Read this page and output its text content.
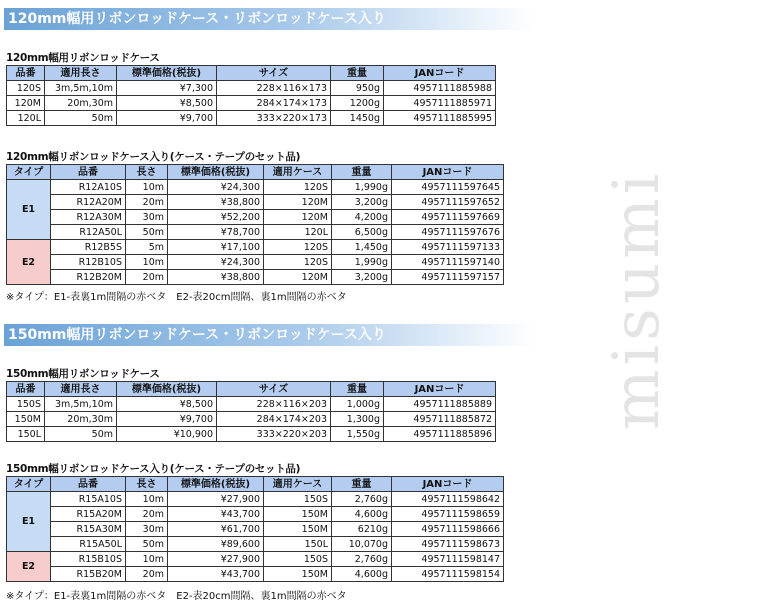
misumi
120mm幅用リボンロッドケース・リボンロッドケース入り
120mm幅用リボンロッドケース
品番	適用長さ	標準価格(税抜)	サイズ	重量	JANコード
120S	3m,5m,10m	¥7,300	228×116×173	950g	4957111885988
120M	20m,30m	¥8,500	284×174×173	1200g	4957111885971
120L	50m	¥9,700	333×220×173	1450g	4957111885995
120mm幅リボンロッドケース入り(ケース・テープのセット品)
タイプ	品番	長さ	標準価格(税抜)	適用ケース	重量	JANコード
E1	R12A10S	10m	¥24,300	120S	1,990g	4957111597645
	R12A20M	20m	¥38,800	120M	3,200g	4957111597652
	R12A30M	30m	¥52,200	120M	4,200g	4957111597669
	R12A50L	50m	¥78,700	120L	6,500g	4957111597676
E2	R12B5S	5m	¥17,100	120S	1,450g	4957111597133
	R12B10S	10m	¥24,300	120S	1,990g	4957111597140
	R12B20M	20m	¥38,800	120M	3,200g	4957111597157
※タイプ：E1-表裏1m間隔の赤ベタ　E2-表20cm間隔、裏1m間隔の赤ベタ
150mm幅用リボンロッドケース・リボンロッドケース入り
150mm幅用リボンロッドケース
品番	適用長さ	標準価格(税抜)	サイズ	重量	JANコード
150S	3m,5m,10m	¥8,500	228×116×203	1,000g	4957111885889
150M	20m,30m	¥9,700	284×174×203	1,300g	4957111885872
150L	50m	¥10,900	333×220×203	1,550g	4957111885896
150mm幅リボンロッドケース入り(ケース・テープのセット品)
タイプ	品番	長さ	標準価格(税抜)	適用ケース	重量	JANコード
E1	R15A10S	10m	¥27,900	150S	2,760g	4957111598642
	R15A20M	20m	¥43,700	150M	4,600g	4957111598659
	R15A30M	30m	¥61,700	150M	6210g	4957111598666
	R15A50L	50m	¥89,600	150L	10,070g	4957111598673
E2	R15B10S	10m	¥27,900	150S	2,760g	4957111598147
	R15B20M	20m	¥43,700	150M	4,600g	4957111598154
※タイプ：E1-表裏1m間隔の赤ベタ　E2-表20cm間隔、裏1m間隔の赤ベタ
